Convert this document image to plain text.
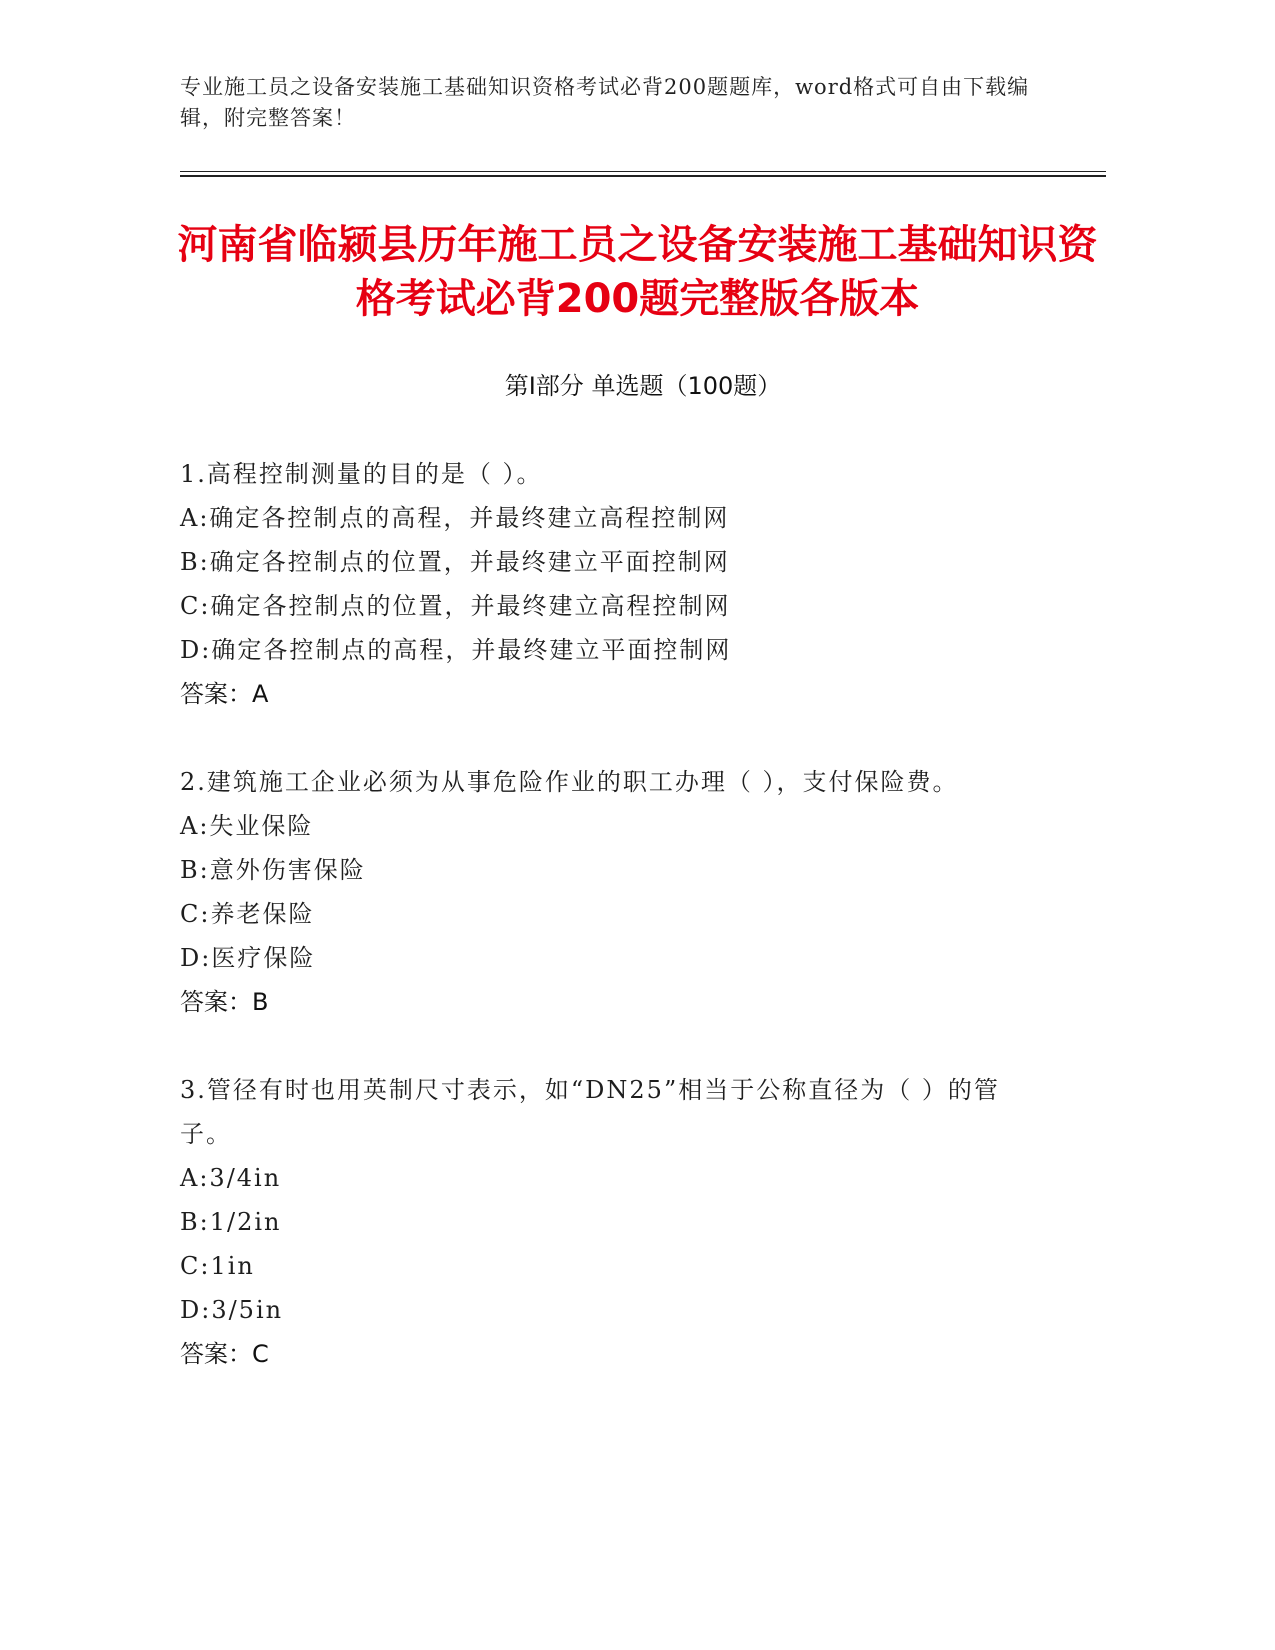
专业施工员之设备安装施工基础知识资格考试必背200题题库，word格式可自由下载编辑，附完整答案！
河南省临颍县历年施工员之设备安装施工基础知识资格考试必背200题完整版各版本
第Ⅰ部分 单选题（100题）
1.高程控制测量的目的是（ ）。
A:确定各控制点的高程，并最终建立高程控制网
B:确定各控制点的位置，并最终建立平面控制网
C:确定各控制点的位置，并最终建立高程控制网
D:确定各控制点的高程，并最终建立平面控制网
答案：A
2.建筑施工企业必须为从事危险作业的职工办理（ ），支付保险费。
A:失业保险
B:意外伤害保险
C:养老保险
D:医疗保险
答案：B
3.管径有时也用英制尺寸表示，如“DN25”相当于公称直径为（ ）的管子。
A:3/4in
B:1/2in
C:1in
D:3/5in
答案：C
